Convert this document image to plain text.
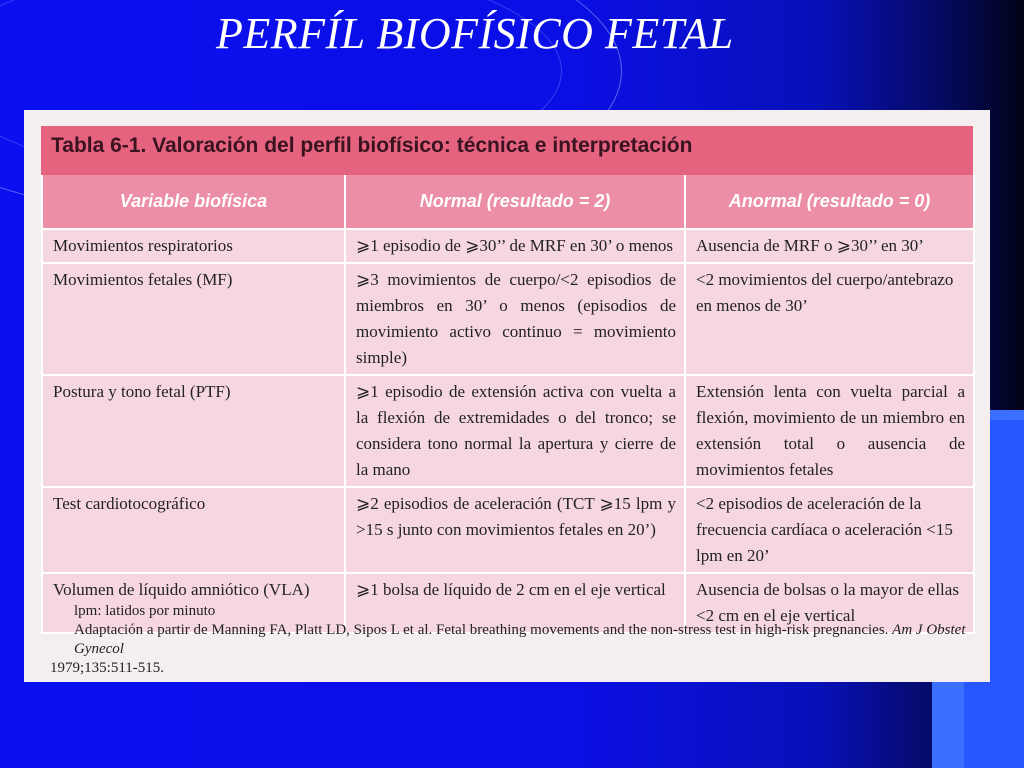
PERFÍL BIOFÍSICO FETAL
Tabla 6-1. Valoración del perfil biofísico: técnica e interpretación
Variable biofísica	Normal (resultado = 2)	Anormal (resultado = 0)
Movimientos respiratorios	⩾1 episodio de ⩾30’’ de MRF en 30’ o menos	Ausencia de MRF o ⩾30’’ en 30’
Movimientos fetales (MF)	⩾3 movimientos de cuerpo/<2 episodios de miembros en 30’ o menos (episodios de movimiento activo continuo = movimiento simple)	<2 movimientos del cuerpo/antebrazo en menos de 30’
Postura y tono fetal (PTF)	⩾1 episodio de extensión activa con vuelta a la flexión de extremidades o del tronco; se considera tono normal la apertura y cierre de la mano	Extensión lenta con vuelta parcial a flexión, movimiento de un miembro en extensión total o ausencia de movimientos fetales
Test cardiotocográfico	⩾2 episodios de aceleración (TCT ⩾15 lpm y >15 s junto con movimientos fetales en 20’)	<2 episodios de aceleración de la frecuencia cardíaca o aceleración <15 lpm en 20’
Volumen de líquido amniótico (VLA)	⩾1 bolsa de líquido de 2 cm en el eje vertical	Ausencia de bolsas o la mayor de ellas <2 cm en el eje vertical
lpm: latidos por minuto
Adaptación a partir de Manning FA, Platt LD, Sipos L et al. Fetal breathing movements and the non-stress test in high-risk pregnancies. Am J Obstet Gynecol
1979;135:511-515.
